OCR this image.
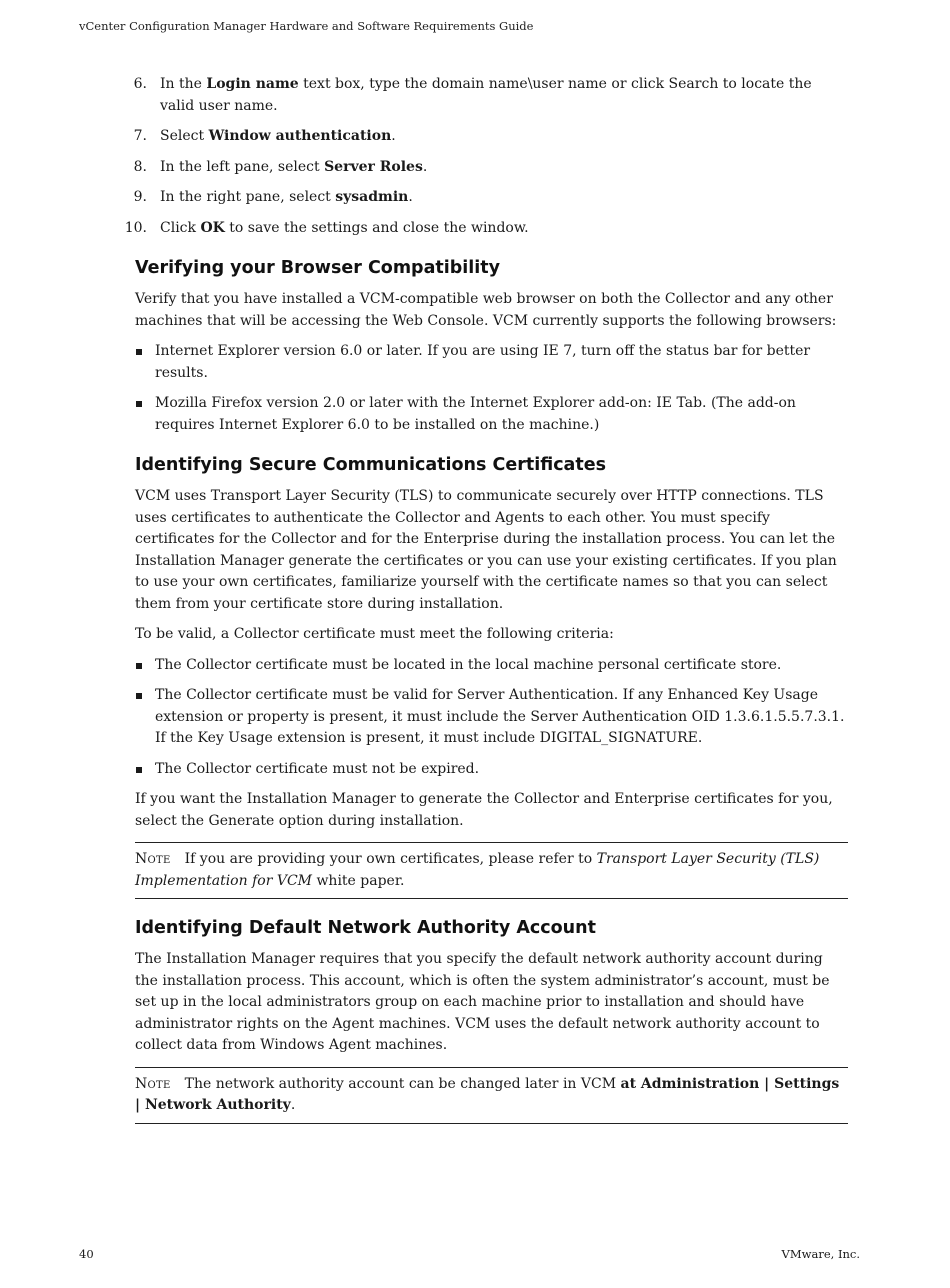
vCenter Configuration Manager Hardware and Software Requirements Guide
6. In the Login name text box, type the domain name\user name or click Search to locate the valid user name.
7. Select Window authentication.
8. In the left pane, select Server Roles.
9. In the right pane, select sysadmin.
10. Click OK to save the settings and close the window.
Verifying your Browser Compatibility

Verify that you have installed a VCM-compatible web browser on both the Collector and any other machines that will be accessing the Web Console. VCM currently supports the following browsers:

Internet Explorer version 6.0 or later. If you are using IE 7, turn off the status bar for better results.
Mozilla Firefox version 2.0 or later with the Internet Explorer add-on: IE Tab. (The add-on requires Internet Explorer 6.0 to be installed on the machine.)
Identifying Secure Communications Certificates

VCM uses Transport Layer Security (TLS) to communicate securely over HTTP connections. TLS uses certificates to authenticate the Collector and Agents to each other. You must specify certificates for the Collector and for the Enterprise during the installation process. You can let the Installation Manager generate the certificates or you can use your existing certificates. If you plan to use your own certificates, familiarize yourself with the certificate names so that you can select them from your certificate store during installation.

To be valid, a Collector certificate must meet the following criteria:

The Collector certificate must be located in the local machine personal certificate store.
The Collector certificate must be valid for Server Authentication. If any Enhanced Key Usage extension or property is present, it must include the Server Authentication OID 1.3.6.1.5.5.7.3.1. If the Key Usage extension is present, it must include DIGITAL_SIGNATURE.
The Collector certificate must not be expired.

If you want the Installation Manager to generate the Collector and Enterprise certificates for you, select the Generate option during installation.

Note If you are providing your own certificates, please refer to Transport Layer Security (TLS) Implementation for VCM white paper.
Identifying Default Network Authority Account

The Installation Manager requires that you specify the default network authority account during the installation process. This account, which is often the system administrator’s account, must be set up in the local administrators group on each machine prior to installation and should have administrator rights on the Agent machines. VCM uses the default network authority account to collect data from Windows Agent machines.

Note The network authority account can be changed later in VCM at Administration | Settings | Network Authority.
40	VMware, Inc.
